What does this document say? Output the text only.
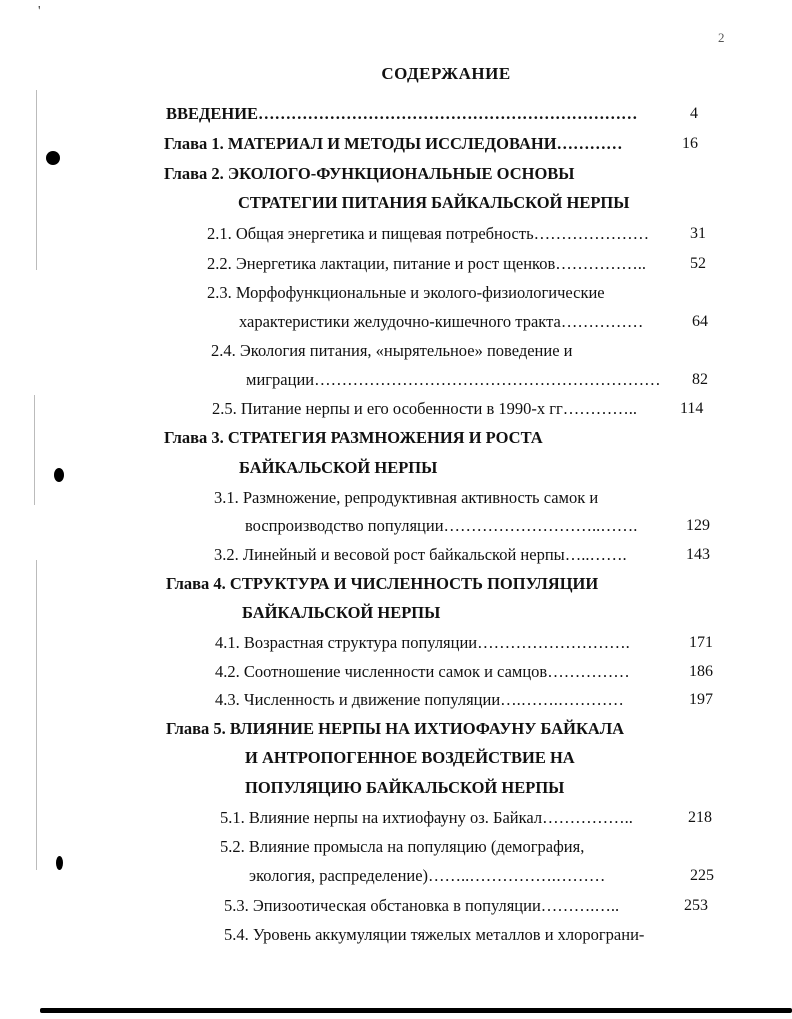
'
2
СОДЕРЖАНИЕ
ВВЕДЕНИЕ……………………………………………………………	4
Глава 1. МАТЕРИАЛ И МЕТОДЫ ИССЛЕДОВАНИ…………	16
Глава 2. ЭКОЛОГО-ФУНКЦИОНАЛЬНЫЕ ОСНОВЫ
СТРАТЕГИИ ПИТАНИЯ БАЙКАЛЬСКОЙ НЕРПЫ
2.1. Общая энергетика и пищевая потребность…………………	31
2.2. Энергетика лактации, питание и рост щенков……………..	52
2.3. Морфофункциональные и эколого-физиологические
характеристики желудочно-кишечного тракта……………	64
2.4. Экология питания, «нырятельное» поведение и
миграции……………………………………………………… 82
2.5. Питание нерпы и его особенности в 1990-х гг…………..	114
Глава 3. СТРАТЕГИЯ РАЗМНОЖЕНИЯ И РОСТА
БАЙКАЛЬСКОЙ НЕРПЫ
3.1. Размножение, репродуктивная активность самок и
воспроизводство популяции………………………..…….	129
3.2. Линейный и весовой рост байкальской нерпы…..…….	143
Глава 4. СТРУКТУРА И ЧИСЛЕННОСТЬ ПОПУЛЯЦИИ
БАЙКАЛЬСКОЙ НЕРПЫ
4.1. Возрастная структура популяции……………………….	171
4.2. Соотношение численности самок и самцов……………	186
4.3. Численность и движение популяции….…….…………	197
Глава 5. ВЛИЯНИЕ НЕРПЫ НА ИХТИОФАУНУ БАЙКАЛА
И АНТРОПОГЕННОЕ ВОЗДЕЙСТВИЕ НА
ПОПУЛЯЦИЮ БАЙКАЛЬСКОЙ НЕРПЫ
5.1. Влияние нерпы на ихтиофауну оз. Байкал……………..	218
5.2. Влияние промысла на популяцию (демография,
экология, распределение)……..…………….………	225
5.3. Эпизоотическая обстановка в популяции……….…..	253
5.4. Уровень аккумуляции тяжелых металлов и хлорограни-
